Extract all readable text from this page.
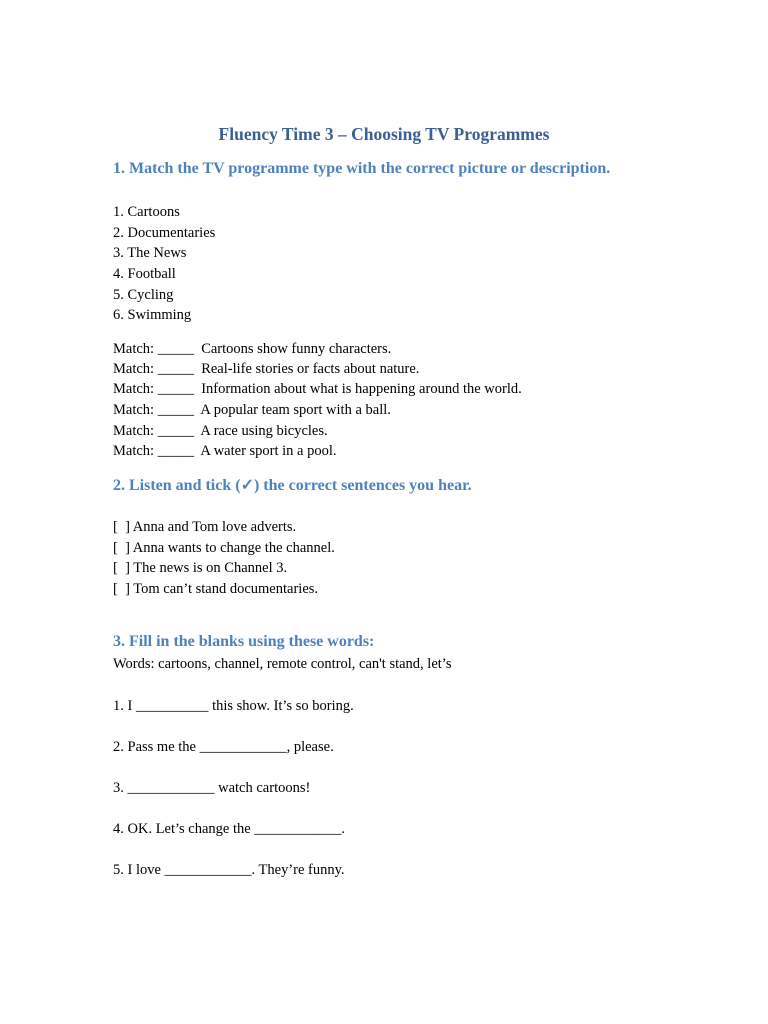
Fluency Time 3 – Choosing TV Programmes
1. Match the TV programme type with the correct picture or description.
1. Cartoons
2. Documentaries
3. The News
4. Football
5. Cycling
6. Swimming
Match: _____  Cartoons show funny characters.
Match: _____  Real-life stories or facts about nature.
Match: _____  Information about what is happening around the world.
Match: _____  A popular team sport with a ball.
Match: _____  A race using bicycles.
Match: _____  A water sport in a pool.
2. Listen and tick (✓) the correct sentences you hear.
[  ] Anna and Tom love adverts.
[  ] Anna wants to change the channel.
[  ] The news is on Channel 3.
[  ] Tom can’t stand documentaries.
3. Fill in the blanks using these words:
Words: cartoons, channel, remote control, can't stand, let’s
1. I __________ this show. It’s so boring.
2. Pass me the ____________, please.
3. ____________ watch cartoons!
4. OK. Let’s change the ____________.
5. I love ____________. They’re funny.
